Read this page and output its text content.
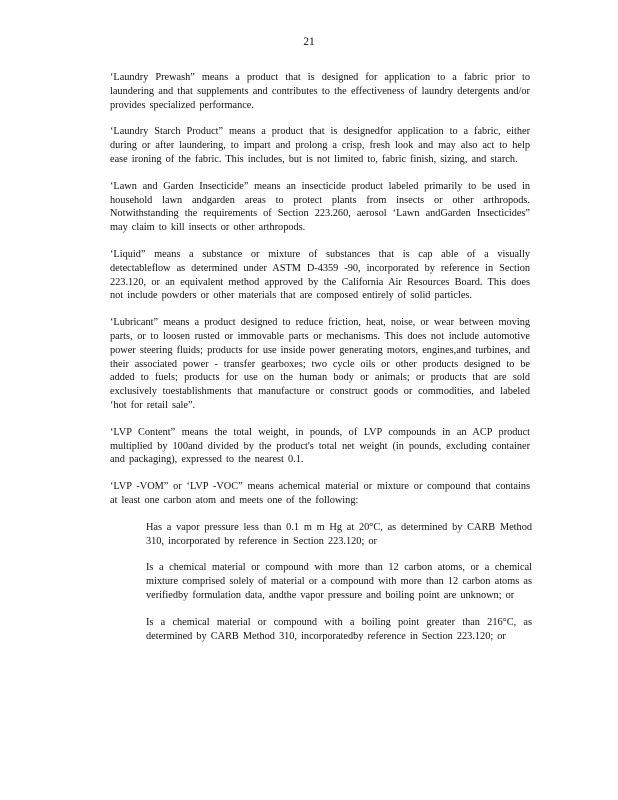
21

‘Laundry Prewash” means a product that is designed for application to a fabric prior to laundering and that supplements and contributes to the effectiveness of laundry detergents and/or provides specialized performance.

‘Laundry Starch Product” means a product that is designedfor application to a fabric, either during or after laundering, to impart and prolong a crisp, fresh look and may also act to help ease ironing of the fabric. This includes, but is not limited to, fabric finish, sizing, and starch.

‘Lawn and Garden Insecticide” means an insecticide product labeled primarily to be used in household lawn andgarden areas to protect plants from insects or other arthropods. Notwithstanding the requirements of Section 223.260, aerosol ‘Lawn andGarden Insecticides” may claim to kill insects or other arthropods.

‘Liquid” means a substance or mixture of substances that is cap able of a visually detectableflow as determined under ASTM D-4359 -90, incorporated by reference in Section 223.120, or an equivalent method approved by the California Air Resources Board. This does not include powders or other materials that are composed entirely of solid particles.

‘Lubricant” means a product designed to reduce friction, heat, noise, or wear between moving parts, or to loosen rusted or immovable parts or mechanisms. This does not include automotive power steering fluids; products for use inside power generating motors, engines,and turbines, and their associated power - transfer gearboxes; two cycle oils or other products designed to be added to fuels; products for use on the human body or animals; or products that are sold exclusively toestablishments that manufacture or construct goods or commodities, and labeled ‘hot for retail sale”.

‘LVP Content” means the total weight, in pounds, of LVP compounds in an ACP product multiplied by 100and divided by the product's total net weight (in pounds, excluding container and packaging), expressed to the nearest 0.1.

‘LVP -VOM” or ‘LVP -VOC” means achemical material or mixture or compound that contains at least one carbon atom and meets one of the following:

Has a vapor pressure less than 0.1 m m Hg at 20°C, as determined by CARB Method 310, incorporated by reference in Section 223.120; or

Is a chemical material or compound with more than 12 carbon atoms, or a chemical mixture comprised solely of material or a compound with more than 12 carbon atoms as verifiedby formulation data, andthe vapor pressure and boiling point are unknown; or

Is a chemical material or compound with a boiling point greater than 216°C, as determined by CARB Method 310, incorporatedby reference in Section 223.120; or
